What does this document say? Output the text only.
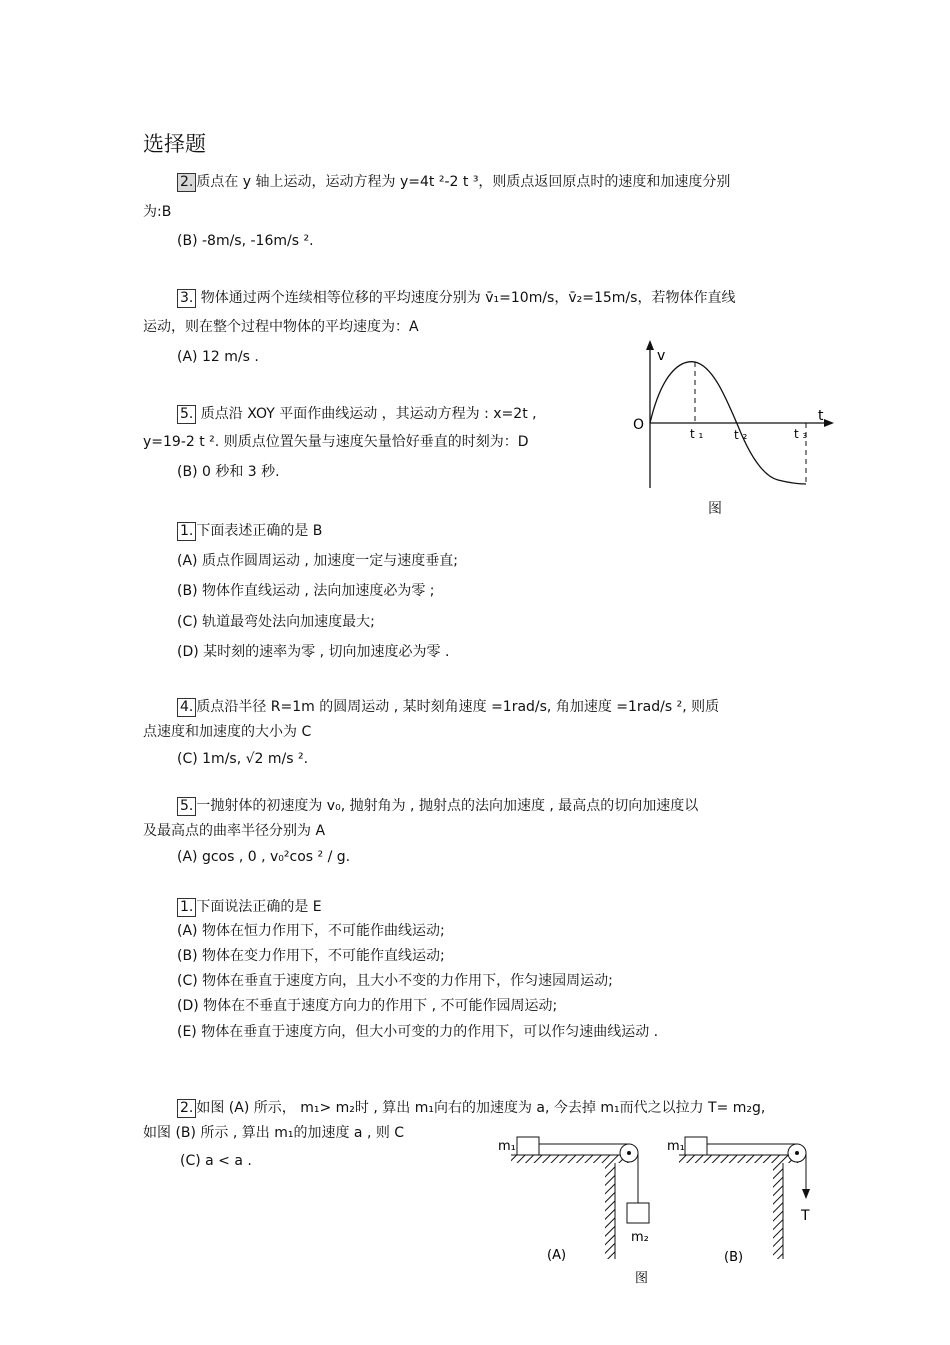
选择题
2. 质点在 y 轴上运动，运动方程为 y=4t ²-2 t ³，则质点返回原点时的速度和加速度分别
为:B
(B) -8m/s, -16m/s ².
3. 物体通过两个连续相等位移的平均速度分别为 v̄₁=10m/s，v̄₂=15m/s，若物体作直线
运动，则在整个过程中物体的平均速度为：A
(A) 12 m/s .
5. 质点沿 XOY 平面作曲线运动 ，其运动方程为 : x=2t ,
y=19-2 t ². 则质点位置矢量与速度矢量恰好垂直的时刻为：D
(B) 0 秒和 3 秒.
v
t
O
t ₁	t ₂	t ₃
图
1. 下面表述正确的是 B
(A) 质点作圆周运动 , 加速度一定与速度垂直;
(B) 物体作直线运动 , 法向加速度必为零 ;
(C) 轨道最弯处法向加速度最大;
(D) 某时刻的速率为零 , 切向加速度必为零 .
4. 质点沿半径 R=1m 的圆周运动 , 某时刻角速度 =1rad/s, 角加速度 =1rad/s ², 则质
点速度和加速度的大小为 C
(C) 1m/s, √2 m/s ².
5. 一抛射体的初速度为 v₀, 抛射角为 , 抛射点的法向加速度 , 最高点的切向加速度以
及最高点的曲率半径分别为 A
(A) gcos , 0 , v₀²cos ² / g.
1. 下面说法正确的是 E
(A) 物体在恒力作用下，不可能作曲线运动;
(B) 物体在变力作用下，不可能作直线运动;
(C) 物体在垂直于速度方向，且大小不变的力作用下，作匀速园周运动;
(D) 物体在不垂直于速度方向力的作用下 , 不可能作园周运动;
(E) 物体在垂直于速度方向，但大小可变的力的作用下，可以作匀速曲线运动 .
2. 如图 (A) 所示， m₁> m₂时 , 算出 m₁向右的加速度为 a, 今去掉 m₁而代之以拉力 T= m₂g,
如图 (B) 所示 , 算出 m₁的加速度 a , 则 C
(C) a < a .
m₁
m₂
(A)
m₁
T
(B)
图
